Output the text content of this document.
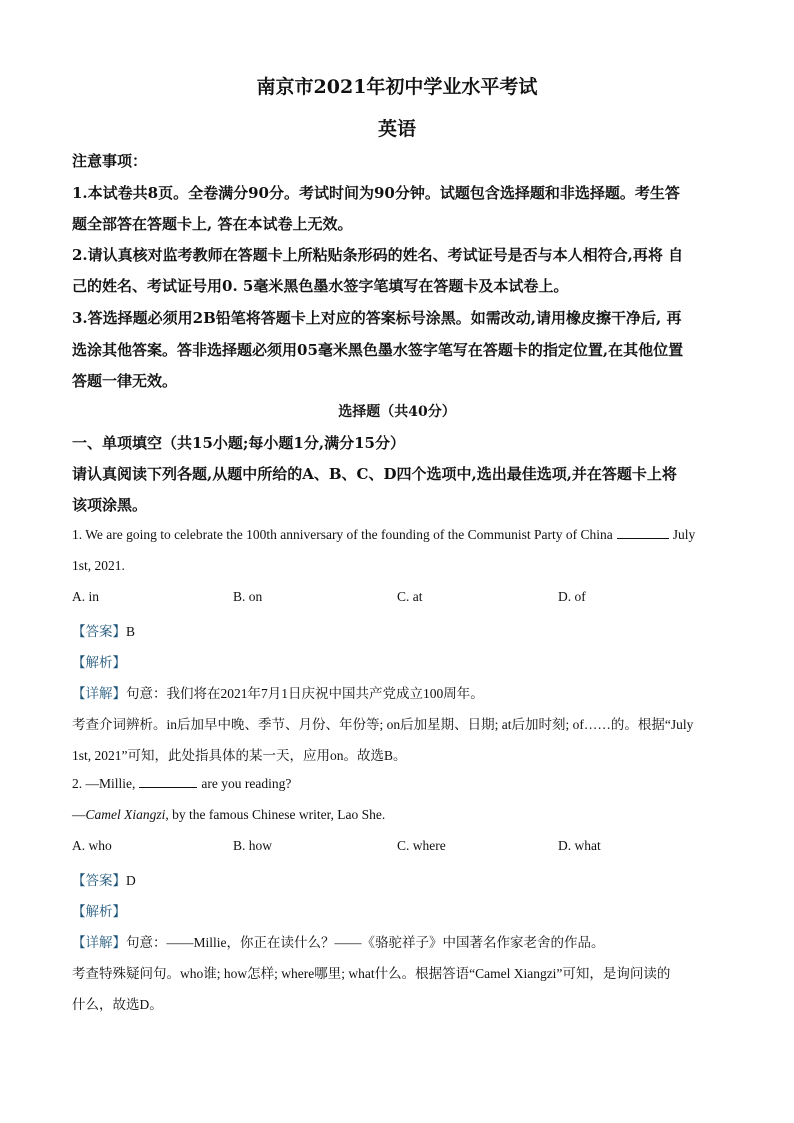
南京市2021年初中学业水平考试
英语
注意事项：
1.本试卷共8页。全卷满分90分。考试时间为90分钟。试题包含选择题和非选择题。考生答
题全部答在答题卡上, 答在本试卷上无效。
2.请认真核对监考教师在答题卡上所粘贴条形码的姓名、考试证号是否与本人相符合,再将 自
己的姓名、考试证号用0. 5毫米黑色墨水签字笔填写在答题卡及本试卷上。
3.答选择题必须用2B铅笔将答题卡上对应的答案标号涂黑。如需改动,请用橡皮擦干净后, 再
选涂其他答案。答非选择题必须用05毫米黑色墨水签字笔写在答题卡的指定位置,在其他位置
答题一律无效。
选择题（共40分）
一、单项填空（共15小题;每小题1分,满分15分）
请认真阅读下列各题,从题中所给的A、B、C、D四个选项中,选出最佳选项,并在答题卡上将
该项涂黑。
1. We are going to celebrate the 100th anniversary of the founding of the Communist Party of China	July
1st, 2021.
A. in	B. on	C. at	D. of
【答案】B
【解析】
【详解】句意：我们将在2021年7月1日庆祝中国共产党成立100周年。
考查介词辨析。in后加早中晚、季节、月份、年份等; on后加星期、日期; at后加时刻; of……的。根据“July
1st, 2021”可知，此处指具体的某一天，应用on。故选B。
2. —Millie,	are you reading?
—Camel Xiangzi, by the famous Chinese writer, Lao She.
A. who	B. how	C. where	D. what
【答案】D
【解析】
【详解】句意：——Millie，你正在读什么？——《骆驼祥子》中国著名作家老舍的作品。
考查特殊疑问句。who谁; how怎样; where哪里; what什么。根据答语“Camel Xiangzi”可知，是询问读的
什么，故选D。
